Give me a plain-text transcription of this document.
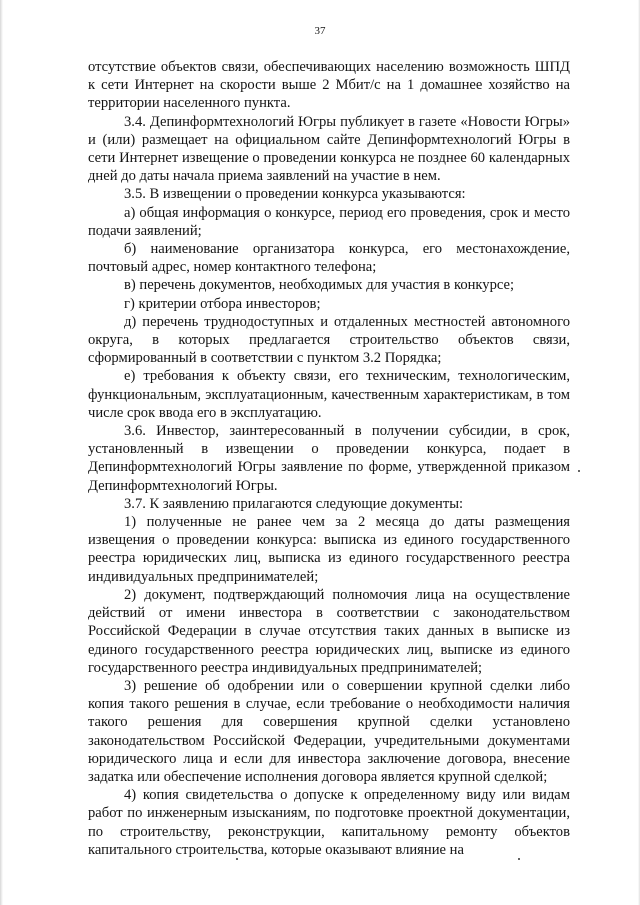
37

отсутствие объектов связи, обеспечивающих населению возможность ШПД к сети Интернет на скорости выше 2 Мбит/с на 1 домашнее хозяйство на территории населенного пункта.

3.4. Депинформтехнологий Югры публикует в газете «Новости Югры» и (или) размещает на официальном сайте Депинформтехнологий Югры в сети Интернет извещение о проведении конкурса не позднее 60 календарных дней до даты начала приема заявлений на участие в нем.

3.5. В извещении о проведении конкурса указываются:

а) общая информация о конкурсе, период его проведения, срок и место подачи заявлений;

б) наименование организатора конкурса, его местонахождение, почтовый адрес, номер контактного телефона;

в) перечень документов, необходимых для участия в конкурсе;

г) критерии отбора инвесторов;

д) перечень труднодоступных и отдаленных местностей автономного округа, в которых предлагается строительство объектов связи, сформированный в соответствии с пунктом 3.2 Порядка;

е) требования к объекту связи, его техническим, технологическим, функциональным, эксплуатационным, качественным характеристикам, в том числе срок ввода его в эксплуатацию.

3.6. Инвестор, заинтересованный в получении субсидии, в срок, установленный в извещении о проведении конкурса, подает в Депинформтехнологий Югры заявление по форме, утвержденной приказом Депинформтехнологий Югры.

3.7. К заявлению прилагаются следующие документы:

1) полученные не ранее чем за 2 месяца до даты размещения извещения о проведении конкурса: выписка из единого государственного реестра юридических лиц, выписка из единого государственного реестра индивидуальных предпринимателей;

2) документ, подтверждающий полномочия лица на осуществление действий от имени инвестора в соответствии с законодательством Российской Федерации в случае отсутствия таких данных в выписке из единого государственного реестра юридических лиц, выписке из единого государственного реестра индивидуальных предпринимателей;

3) решение об одобрении или о совершении крупной сделки либо копия такого решения в случае, если требование о необходимости наличия такого решения для совершения крупной сделки установлено законодательством Российской Федерации, учредительными документами юридического лица и если для инвестора заключение договора, внесение задатка или обеспечение исполнения договора является крупной сделкой;

4) копия свидетельства о допуске к определенному виду или видам работ по инженерным изысканиям, по подготовке проектной документации, по строительству, реконструкции, капитальному ремонту объектов капитального строительства, которые оказывают влияние на
